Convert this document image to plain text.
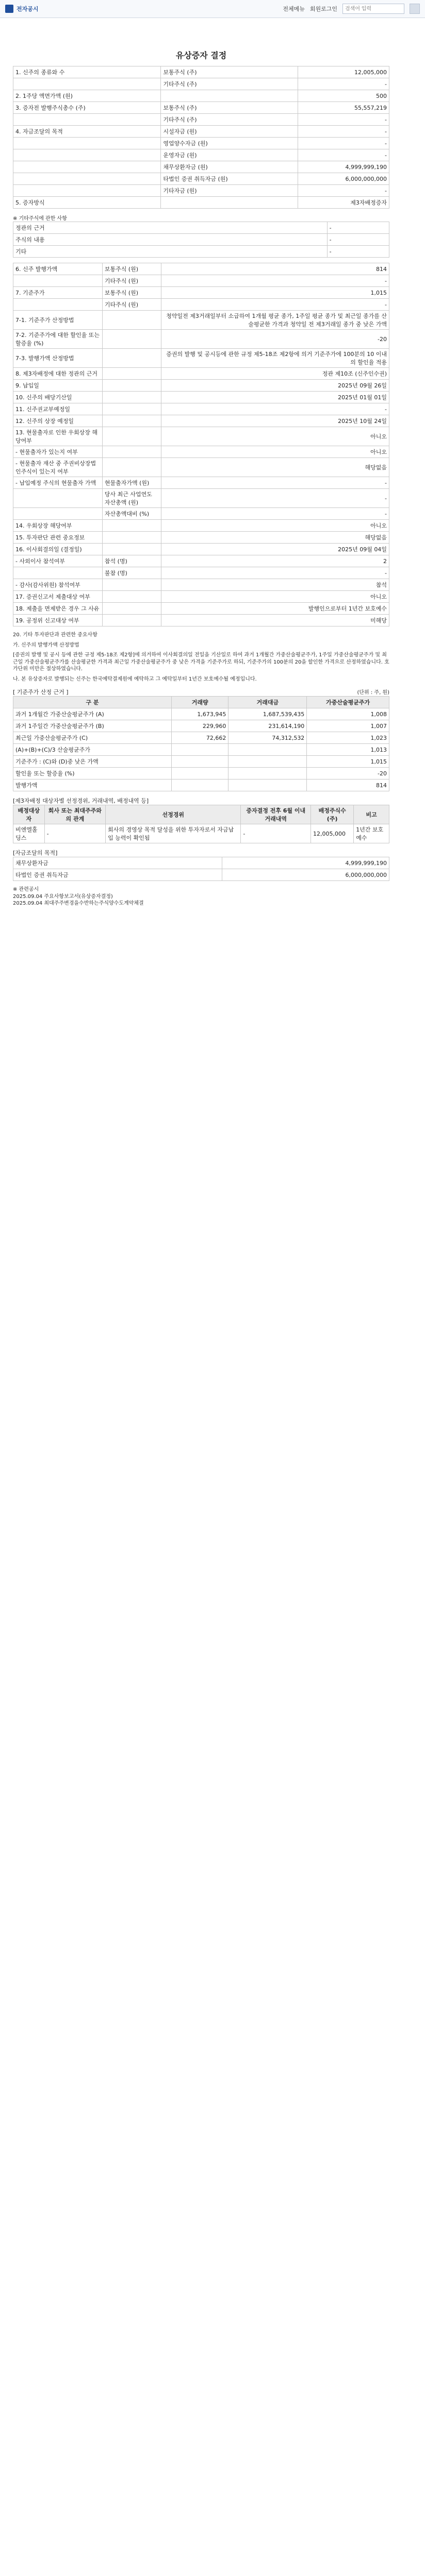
전자공시	전체메뉴 회원로그인
검색어 입력
유상증자 결정
1. 신주의 종류와 수	보통주식 (주)	12,005,000
	기타주식 (주)	-
2. 1주당 액면가액 (원)		500
3. 증자전 발행주식총수 (주)	보통주식 (주)	55,557,219
	기타주식 (주)	-
4. 자금조달의 목적	시설자금 (원)	-
	영업양수자금 (원)	-
	운영자금 (원)	-
	채무상환자금 (원)	4,999,999,190
	타법인 증권 취득자금 (원)	6,000,000,000
	기타자금 (원)	-
5. 증자방식		제3자배정증자
※ 기타주식에 관한 사항
정관의 근거	-
주식의 내용	-
기타	-
6. 신주 발행가액	보통주식 (원)	814
	기타주식 (원)	-
7. 기준주가	보통주식 (원)	1,015
	기타주식 (원)	-
7-1. 기준주가 산정방법		청약일전 제3거래일부터 소급하여 1개월 평균 종가, 1주일 평균 종가 및 최근일 종가를 산술평균한 가격과 청약일 전 제3거래일 종가 중 낮은 가액
7-2. 기준주가에 대한 할인율 또는 할증율 (%)		-20
7-3. 발행가액 산정방법		증권의 발행 및 공시등에 관한 규정 제5-18조 제2항에 의거 기준주가에 100분의 10 이내의 할인율 적용
8. 제3자배정에 대한 정관의 근거		정관 제10조 (신주인수권)
9. 납입일		2025년 09월 26일
10. 신주의 배당기산일		2025년 01월 01일
11. 신주권교부예정일		-
12. 신주의 상장 예정일		2025년 10월 24일
13. 현물출자로 인한 우회상장 해당여부		아니오
- 현물출자가 있는지 여부		아니오
- 현물출자 재산 중 주권비상장법인주식이 있는지 여부		해당없음
- 납입예정 주식의 현물출자 가액	현물출자가액 (원)	-
	당사 최근 사업연도 자산총액 (원)	-
	자산총액대비 (%)	-
14. 우회상장 해당여부		아니오
15. 투자판단 관련 중요정보		해당없음
16. 이사회결의일 (결정일)		2025년 09월 04일
- 사외이사 참석여부	참석 (명)	2
	불참 (명)	-
- 감사(감사위원) 참석여부		참석
17. 증권신고서 제출대상 여부		아니오
18. 제출을 면제받은 경우 그 사유		발행인으로부터 1년간 보호예수
19. 공정위 신고대상 여부		미해당
20. 기타 투자판단과 관련한 중요사항
가. 신주의 발행가액 산정방법
[증권의 발행 및 공시 등에 관한 규정 제5-18조 제2항]에 의거하여 이사회결의일 전일을 기산일로 하여 과거 1개월간 가중산술평균주가, 1주일 가중산술평균주가 및 최근일 가중산술평균주가를 산술평균한 가격과 최근일 가중산술평균주가 중 낮은 가격을 기준주가로 하되, 기준주가의 100분의 20을 할인한 가격으로 산정하였습니다. 호가단위 미만은 절상하였습니다.
나. 본 유상증자로 발행되는 신주는 한국예탁결제원에 예탁하고 그 예탁일부터 1년간 보호예수될 예정입니다.
[ 기준주가 산정 근거 ]	(단위 : 주, 원)
구 분	거래량	거래대금	가중산술평균주가
과거 1개월간 가중산술평균주가 (A)	1,673,945	1,687,539,435	1,008
과거 1주일간 가중산술평균주가 (B)	229,960	231,614,190	1,007
최근일 가중산술평균주가 (C)	72,662	74,312,532	1,023
(A)+(B)+(C)/3 산술평균주가			1,013
기준주가 : (C)와 (D)중 낮은 가액			1,015
할인율 또는 할증율 (%)			-20
발행가액			814
[제3자배정 대상자별 선정경위, 거래내역, 배정내역 등]
배정대상자	회사 또는 최대주주와의 관계	선정경위	증자결정 전후 6월 이내 거래내역	배정주식수 (주)	비고
비엔엘홀딩스	-	회사의 경영상 목적 달성을 위한 투자자로서 자금납입 능력이 확인됨	-	12,005,000	1년간 보호예수
[자금조달의 목적]
채무상환자금	4,999,999,190
타법인 증권 취득자금	6,000,000,000
※ 관련공시
2025.09.04 주요사항보고서(유상증자결정)
2025.09.04 최대주주변경을수반하는주식양수도계약체결
